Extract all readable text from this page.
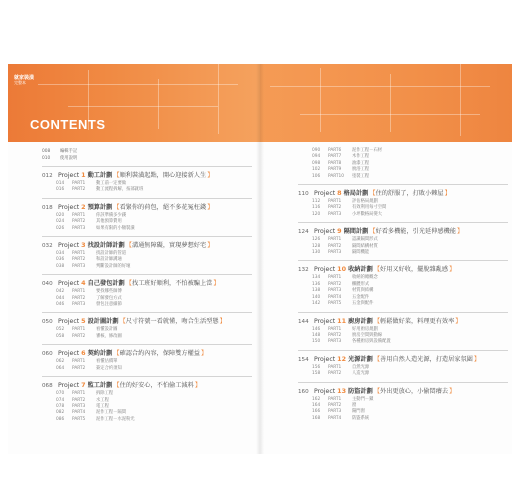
就家裝潢
完整本
CONTENTS
008	編輯手記
010	使用說明
012 Project 1 動工計劃 【 順利裝潢起點，開心迎接新人生 】
014	PART1	動工前一定要做
016	PART2	動工流程拆解，按部就班
018 Project 2 預算計劃 【 看緊你的荷包，絕不多花冤枉錢 】
020	PART1	你該準備多少錢
024	PART2	其他預算費用
026	PART3	如果有限的小額裝潢
032 Project 3 找設計師計劃 【 溝通無障礙，實現夢想好宅 】
034	PART1	找設計師的管道
036	PART2	和設計師溝通
038	PART3	判斷設計師的好壞
040 Project 4 自己發包計劃 【 找工班好順利，不怕被騙上當 】
042	PART1	要找哪些師傅
044	PART2	了解發包方式
046	PART3	發包注意細節
050 Project 5 設計圖計劃 【 尺寸符號一看就懂，吻合生活型態 】
052	PART1	看懂設計圖
058	PART2	審核、修改圖
060 Project 6 契約計劃 【 確認合約內容，保障雙方權益 】
062	PART1	看懂估價單
064	PART2	簽定合約須知
068 Project 7 監工計劃 【 住的好安心，不怕偷工減料 】
070	PART1	拆除工程
074	PART2	水工程
078	PART3	電工程
082	PART4	泥作工程－隔間
086	PART5	泥作工程－水泥粉光
090	PART6	泥作工程－石材
094	PART7	木作工程
098	PART8	油漆工程
102	PART9	廚浴工程
106	PART10	塗裝工程
110 Project 8 格局計劃 【 住的舒服了，打敗小棘屋 】
112	PART1	評估格局規劃
116	PART2	有效利用每寸空間
120	PART3	小坪數格局變大
124 Project 9 隔間計劃 【 好看多機能，引光延伸感機能 】
126	PART1	認識隔間形式
128	PART2	隔間結構材質
130	PART3	隔間機能
132 Project 10 收納計劃 【 好用又好收，擺脫雜亂感 】
134	PART1	收納的總概念
136	PART2	櫃體形式
138	PART3	材質與結構
140	PART4	五金配件
142	PART5	五金與配件
144 Project 11 廚房計劃 【 輕鬆做好菜，料理更有效率 】
146	PART1	好用廚房規劃
148	PART2	廚房空間與動線
150	PART3	各種廚房與設備配置
154 Project 12 光源計劃 【 善用自然人造光源，打造居家氛圍 】
156	PART1	自然光源
158	PART2	人造光源
160 Project 13 防盜計劃 【 外出更放心，小偷悶癢去 】
162	PART1	主動門－鎖
164	PART2	窗
166	PART3	陽門窗
168	PART4	防盜系統
